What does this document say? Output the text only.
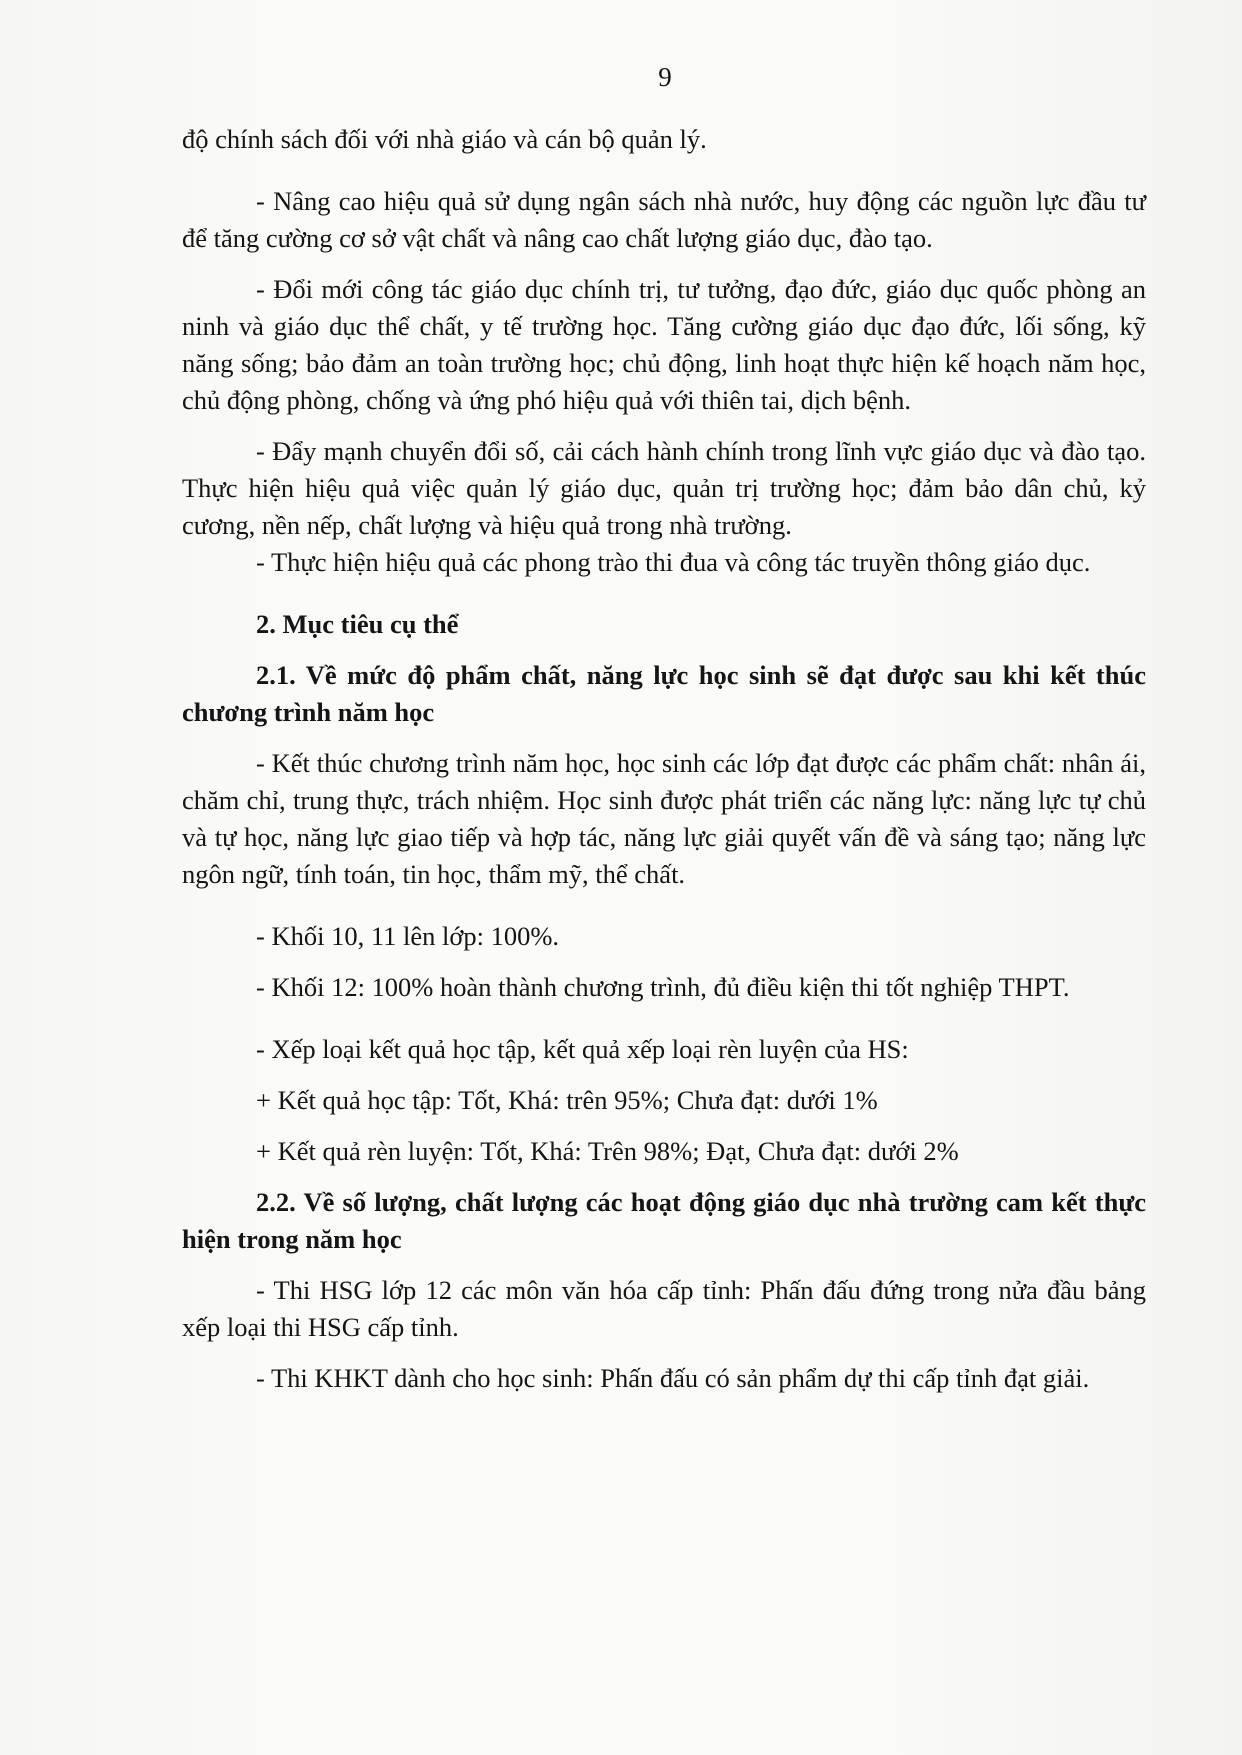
9

độ chính sách đối với nhà giáo và cán bộ quản lý.

- Nâng cao hiệu quả sử dụng ngân sách nhà nước, huy động các nguồn lực đầu tư để tăng cường cơ sở vật chất và nâng cao chất lượng giáo dục, đào tạo.

- Đổi mới công tác giáo dục chính trị, tư tưởng, đạo đức, giáo dục quốc phòng an ninh và giáo dục thể chất, y tế trường học. Tăng cường giáo dục đạo đức, lối sống, kỹ năng sống; bảo đảm an toàn trường học; chủ động, linh hoạt thực hiện kế hoạch năm học, chủ động phòng, chống và ứng phó hiệu quả với thiên tai, dịch bệnh.

- Đẩy mạnh chuyển đổi số, cải cách hành chính trong lĩnh vực giáo dục và đào tạo. Thực hiện hiệu quả việc quản lý giáo dục, quản trị trường học; đảm bảo dân chủ, kỷ cương, nền nếp, chất lượng và hiệu quả trong nhà trường.

- Thực hiện hiệu quả các phong trào thi đua và công tác truyền thông giáo dục.

2. Mục tiêu cụ thể

2.1. Về mức độ phẩm chất, năng lực học sinh sẽ đạt được sau khi kết thúc chương trình năm học

- Kết thúc chương trình năm học, học sinh các lớp đạt được các phẩm chất: nhân ái, chăm chỉ, trung thực, trách nhiệm. Học sinh được phát triển các năng lực: năng lực tự chủ và tự học, năng lực giao tiếp và hợp tác, năng lực giải quyết vấn đề và sáng tạo; năng lực ngôn ngữ, tính toán, tin học, thẩm mỹ, thể chất.

- Khối 10, 11 lên lớp: 100%.

- Khối 12: 100% hoàn thành chương trình, đủ điều kiện thi tốt nghiệp THPT.

- Xếp loại kết quả học tập, kết quả xếp loại rèn luyện của HS:

+ Kết quả học tập: Tốt, Khá: trên 95%; Chưa đạt: dưới 1%

+ Kết quả rèn luyện: Tốt, Khá: Trên 98%; Đạt, Chưa đạt: dưới 2%

2.2. Về số lượng, chất lượng các hoạt động giáo dục nhà trường cam kết thực hiện trong năm học

- Thi HSG lớp 12 các môn văn hóa cấp tỉnh: Phấn đấu đứng trong nửa đầu bảng xếp loại thi HSG cấp tỉnh.

- Thi KHKT dành cho học sinh: Phấn đấu có sản phẩm dự thi cấp tỉnh đạt giải.
